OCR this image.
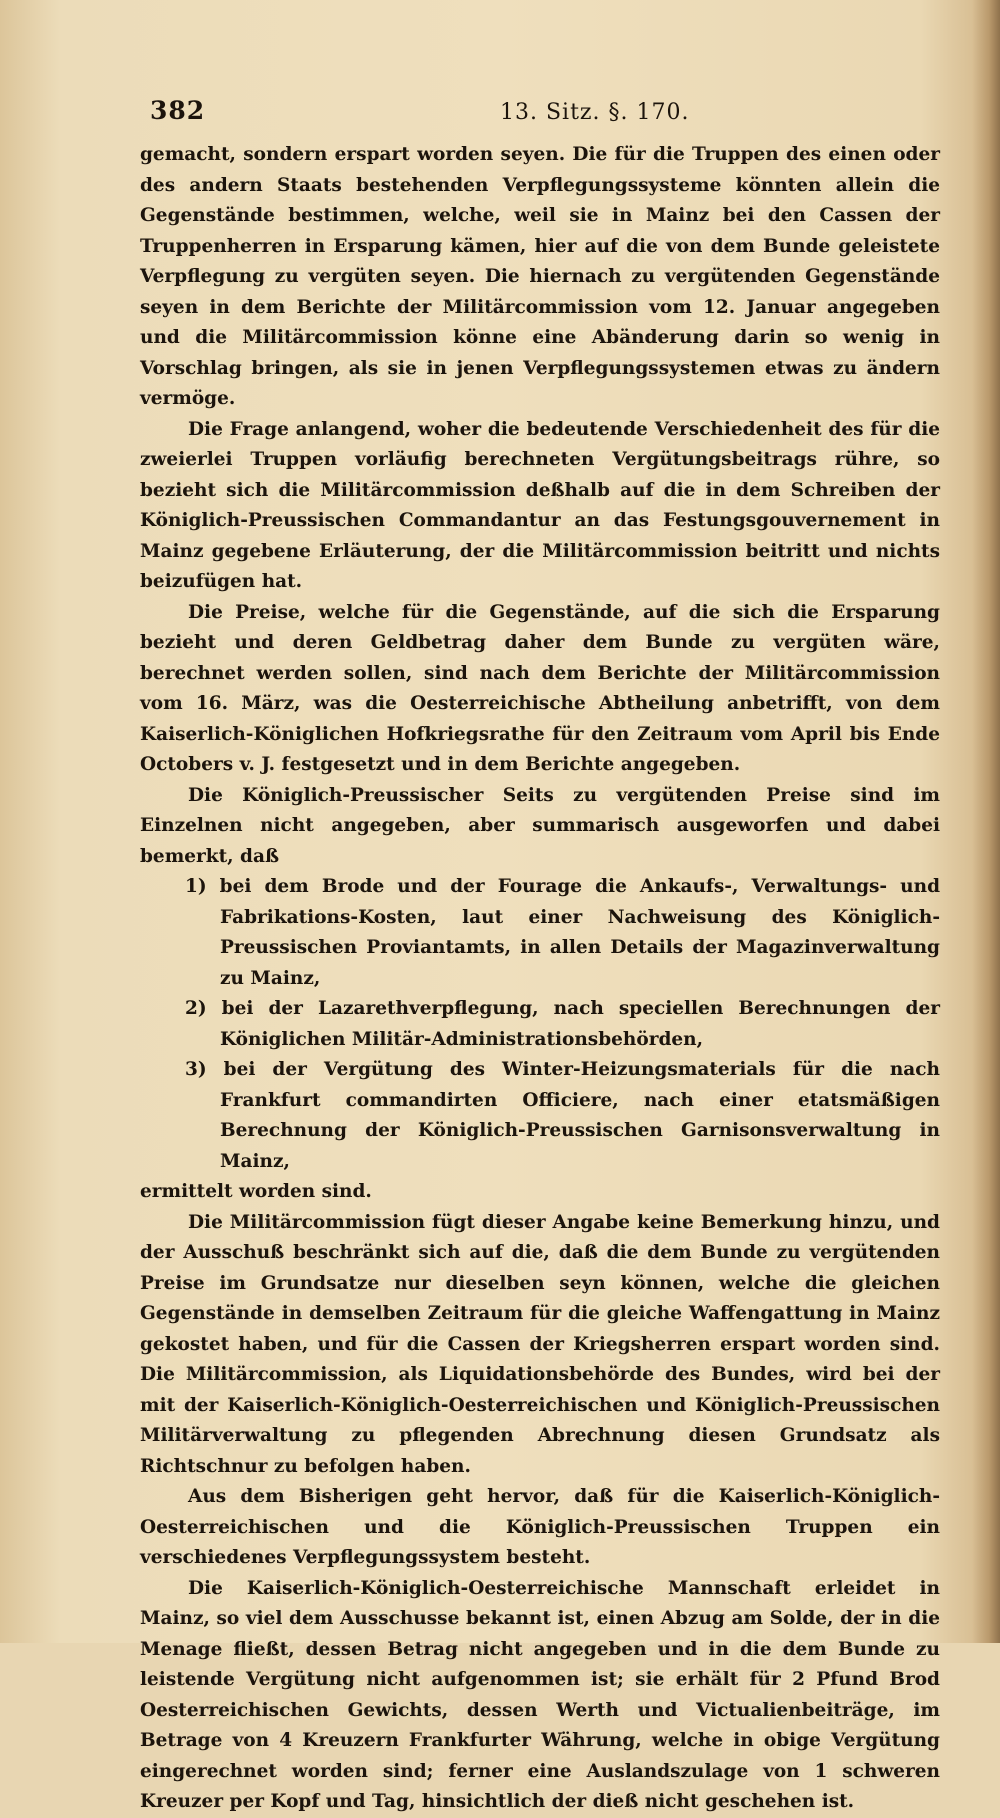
382	13. Sitz. §. 170.

gemacht, sondern erspart worden seyen. Die für die Truppen des einen oder des andern Staats bestehenden Verpflegungssysteme könnten allein die Gegenstände bestimmen, welche, weil sie in Mainz bei den Cassen der Truppenherren in Ersparung kämen, hier auf die von dem Bunde geleistete Verpflegung zu vergüten seyen. Die hiernach zu vergütenden Gegenstände seyen in dem Berichte der Militärcommission vom 12. Januar angegeben und die Militärcommission könne eine Abänderung darin so wenig in Vorschlag bringen, als sie in jenen Verpflegungssystemen etwas zu ändern vermöge.

Die Frage anlangend, woher die bedeutende Verschiedenheit des für die zweierlei Truppen vorläufig berechneten Vergütungsbeitrags rühre, so bezieht sich die Militärcommission deßhalb auf die in dem Schreiben der Königlich-Preussischen Commandantur an das Festungsgouvernement in Mainz gegebene Erläuterung, der die Militärcommission beitritt und nichts beizufügen hat.

Die Preise, welche für die Gegenstände, auf die sich die Ersparung bezieht und deren Geldbetrag daher dem Bunde zu vergüten wäre, berechnet werden sollen, sind nach dem Berichte der Militärcommission vom 16. März, was die Oesterreichische Abtheilung anbetrifft, von dem Kaiserlich-Königlichen Hofkriegsrathe für den Zeitraum vom April bis Ende Octobers v. J. festgesetzt und in dem Berichte angegeben.

Die Königlich-Preussischer Seits zu vergütenden Preise sind im Einzelnen nicht angegeben, aber summarisch ausgeworfen und dabei bemerkt, daß

1) bei dem Brode und der Fourage die Ankaufs-, Verwaltungs- und Fabrikations-Kosten, laut einer Nachweisung des Königlich-Preussischen Proviantamts, in allen Details der Magazinverwaltung zu Mainz,

2) bei der Lazarethverpflegung, nach speciellen Berechnungen der Königlichen Militär-Administrationsbehörden,

3) bei der Vergütung des Winter-Heizungsmaterials für die nach Frankfurt commandirten Officiere, nach einer etatsmäßigen Berechnung der Königlich-Preussischen Garnisonsverwaltung in Mainz,

ermittelt worden sind.

Die Militärcommission fügt dieser Angabe keine Bemerkung hinzu, und der Ausschuß beschränkt sich auf die, daß die dem Bunde zu vergütenden Preise im Grundsatze nur dieselben seyn können, welche die gleichen Gegenstände in demselben Zeitraum für die gleiche Waffengattung in Mainz gekostet haben, und für die Cassen der Kriegsherren erspart worden sind. Die Militärcommission, als Liquidationsbehörde des Bundes, wird bei der mit der Kaiserlich-Königlich-Oesterreichischen und Königlich-Preussischen Militärverwaltung zu pflegenden Abrechnung diesen Grundsatz als Richtschnur zu befolgen haben.

Aus dem Bisherigen geht hervor, daß für die Kaiserlich-Königlich-Oesterreichischen und die Königlich-Preussischen Truppen ein verschiedenes Verpflegungssystem besteht.

Die Kaiserlich-Königlich-Oesterreichische Mannschaft erleidet in Mainz, so viel dem Ausschusse bekannt ist, einen Abzug am Solde, der in die Menage fließt, dessen Betrag nicht angegeben und in die dem Bunde zu leistende Vergütung nicht aufgenommen ist; sie erhält für 2 Pfund Brod Oesterreichischen Gewichts, dessen Werth und Victualienbeiträge, im Betrage von 4 Kreuzern Frankfurter Währung, welche in obige Vergütung eingerechnet worden sind; ferner eine Auslandszulage von 1 schweren Kreuzer per Kopf und Tag, hinsichtlich der dieß nicht geschehen ist.
